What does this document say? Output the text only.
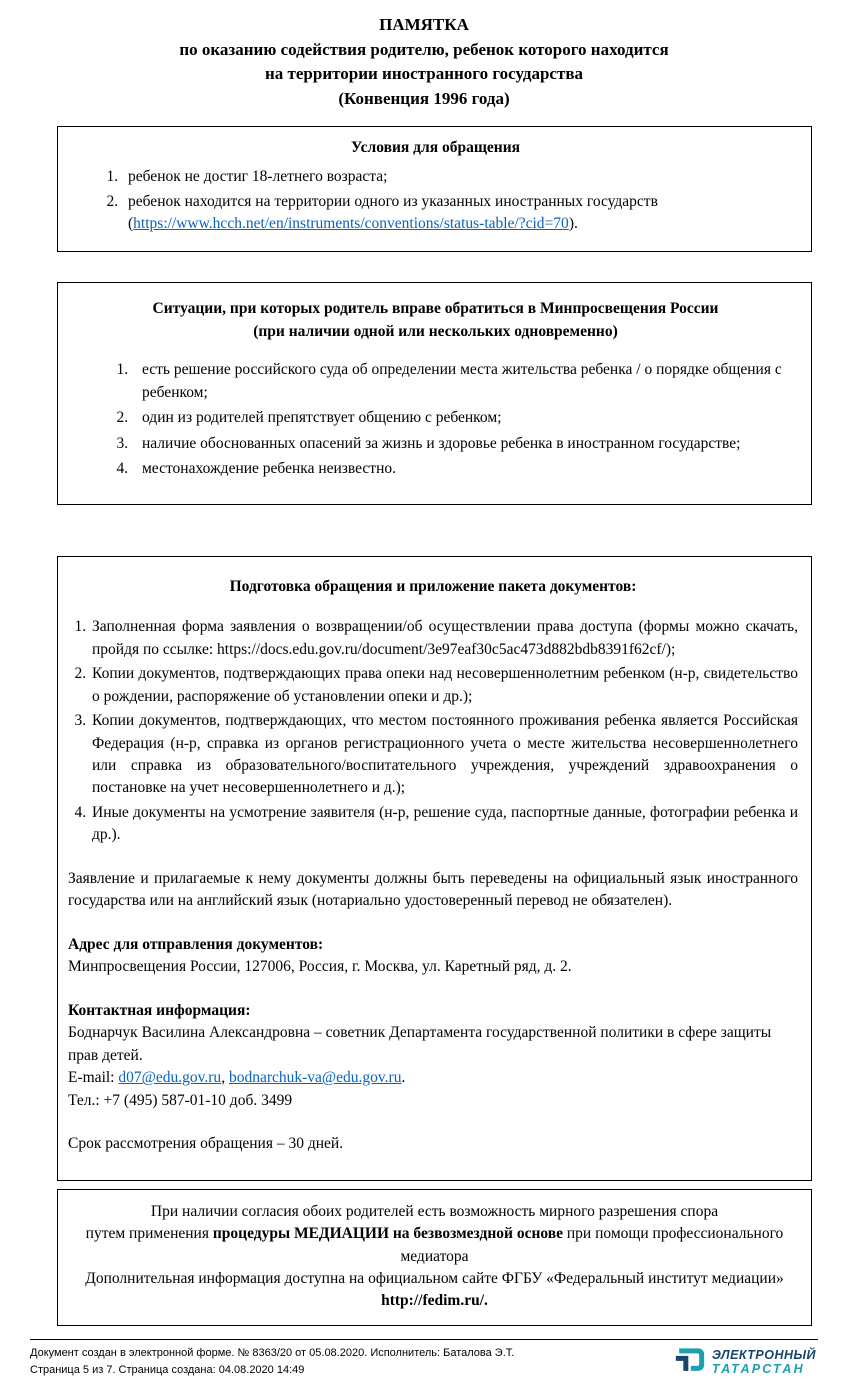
ПАМЯТКА
по оказанию содействия родителю, ребенок которого находится
на территории иностранного государства
(Конвенция 1996 года)
Условия для обращения
1. ребенок не достиг 18-летнего возраста;
2. ребенок находится на территории одного из указанных иностранных государств (https://www.hcch.net/en/instruments/conventions/status-table/?cid=70).
Ситуации, при которых родитель вправе обратиться в Минпросвещения России
(при наличии одной или нескольких одновременно)
1. есть решение российского суда об определении места жительства ребенка / о порядке общения с ребенком;
2. один из родителей препятствует общению с ребенком;
3. наличие обоснованных опасений за жизнь и здоровье ребенка в иностранном государстве;
4. местонахождение ребенка неизвестно.
Подготовка обращения и приложение пакета документов:
1. Заполненная форма заявления о возвращении/об осуществлении права доступа (формы можно скачать, пройдя по ссылке: https://docs.edu.gov.ru/document/3e97eaf30c5ac473d882bdb8391f62cf/);
2. Копии документов, подтверждающих права опеки над несовершеннолетним ребенком (н-р, свидетельство о рождении, распоряжение об установлении опеки и др.);
3. Копии документов, подтверждающих, что местом постоянного проживания ребенка является Российская Федерация (н-р, справка из органов регистрационного учета о месте жительства несовершеннолетнего или справка из образовательного/воспитательного учреждения, учреждений здравоохранения о постановке на учет несовершеннолетнего и д.);
4. Иные документы на усмотрение заявителя (н-р, решение суда, паспортные данные, фотографии ребенка и др.).

Заявление и прилагаемые к нему документы должны быть переведены на официальный язык иностранного государства или на английский язык (нотариально удостоверенный перевод не обязателен).

Адрес для отправления документов:

Минпросвещения России, 127006, Россия, г. Москва, ул. Каретный ряд, д. 2.

Контактная информация:

Боднарчук Василина Александровна – советник Департамента государственной политики в сфере защиты прав детей.

E-mail: d07@edu.gov.ru, bodnarchuk-va@edu.gov.ru.

Тел.: +7 (495) 587-01-10 доб. 3499

Срок рассмотрения обращения – 30 дней.

При наличии согласия обоих родителей есть возможность мирного разрешения спора
путем применения процедуры МЕДИАЦИИ на безвозмездной основе при помощи профессионального медиатора
Дополнительная информация доступна на официальном сайте ФГБУ «Федеральный институт медиации»
http://fedim.ru/.
Документ создан в электронной форме. № 8363/20 от 05.08.2020. Исполнитель: Баталова Э.Т.
Страница 5 из 7. Страница создана: 04.08.2020 14:49
ЭЛЕКТРОННЫЙ
ТАТАРСТАН
